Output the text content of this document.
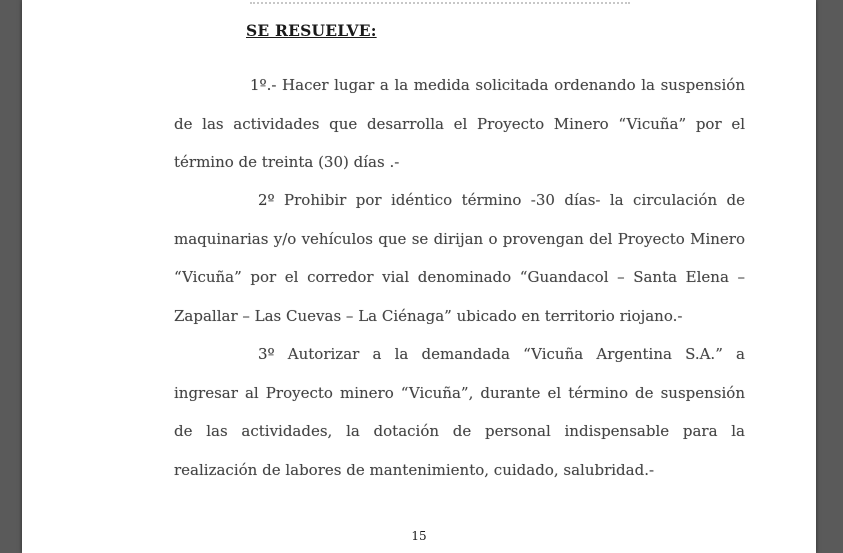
SE RESUELVE:

1º.- Hacer lugar a la medida solicitada ordenando la suspensión de las actividades que desarrolla el Proyecto Minero “Vicuña” por el término de treinta (30) días .-

2º Prohibir por idéntico término -30 días- la circulación de maquinarias y/o vehículos que se dirijan o provengan del Proyecto Minero “Vicuña” por el corredor vial denominado “Guandacol – Santa Elena – Zapallar – Las Cuevas – La Ciénaga” ubicado en territorio riojano.-

3º Autorizar a la demandada “Vicuña Argentina S.A.” a ingresar al Proyecto minero “Vicuña”, durante el término de suspensión de las actividades, la dotación de personal indispensable para la realización de labores de mantenimiento, cuidado, salubridad.-

15
